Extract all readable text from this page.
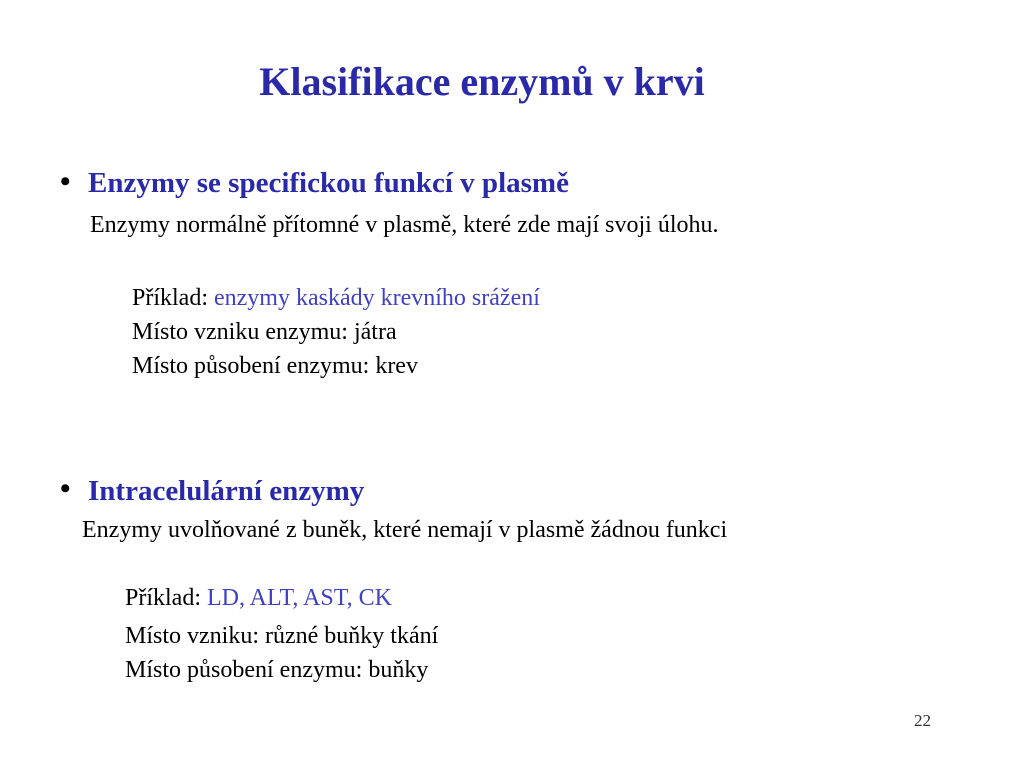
Klasifikace enzymů v krvi
• Enzymy se specifickou funkcí v plasmě
Enzymy normálně přítomné v plasmě, které zde mají svoji úlohu.
Příklad: enzymy kaskády krevního srážení
Místo vzniku enzymu: játra
Místo působení enzymu: krev
• Intracelulární enzymy
Enzymy uvolňované z buněk, které nemají v plasmě žádnou funkci
Příklad: LD, ALT, AST, CK
Místo vzniku: různé buňky tkání
Místo působení enzymu: buňky
22
